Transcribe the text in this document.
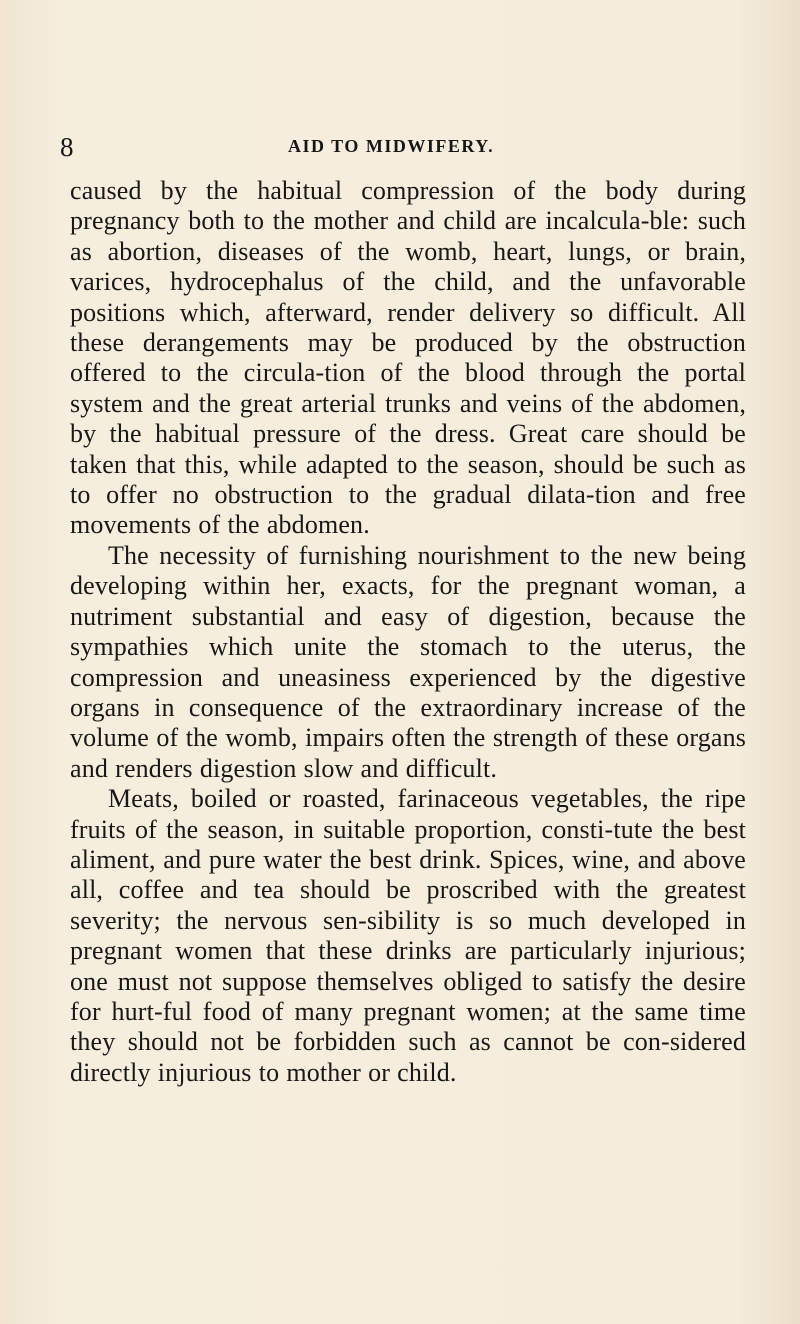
8	AID TO MIDWIFERY.

caused by the habitual compression of the body during pregnancy both to the mother and child are incalcula-ble: such as abortion, diseases of the womb, heart, lungs, or brain, varices, hydrocephalus of the child, and the unfavorable positions which, afterward, render delivery so difficult. All these derangements may be produced by the obstruction offered to the circula-tion of the blood through the portal system and the great arterial trunks and veins of the abdomen, by the habitual pressure of the dress. Great care should be taken that this, while adapted to the season, should be such as to offer no obstruction to the gradual dilata-tion and free movements of the abdomen.

The necessity of furnishing nourishment to the new being developing within her, exacts, for the pregnant woman, a nutriment substantial and easy of digestion, because the sympathies which unite the stomach to the uterus, the compression and uneasiness experienced by the digestive organs in consequence of the extraordinary increase of the volume of the womb, impairs often the strength of these organs and renders digestion slow and difficult.

Meats, boiled or roasted, farinaceous vegetables, the ripe fruits of the season, in suitable proportion, consti-tute the best aliment, and pure water the best drink. Spices, wine, and above all, coffee and tea should be proscribed with the greatest severity; the nervous sen-sibility is so much developed in pregnant women that these drinks are particularly injurious; one must not suppose themselves obliged to satisfy the desire for hurt-ful food of many pregnant women; at the same time they should not be forbidden such as cannot be con-sidered directly injurious to mother or child.
